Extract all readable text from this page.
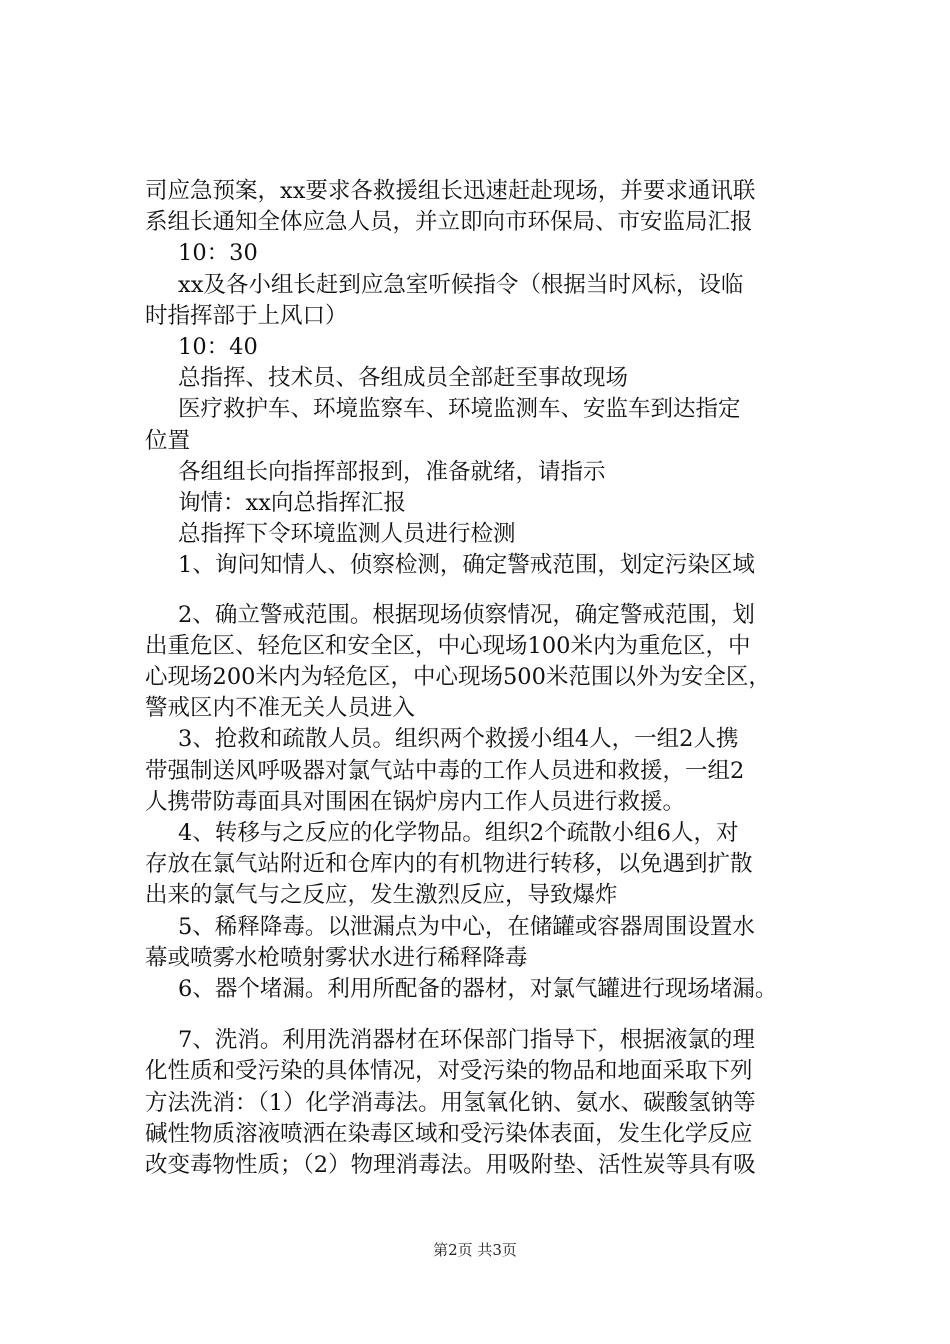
司应急预案，xx要求各救援组长迅速赶赴现场，并要求通讯联
系组长通知全体应急人员，并立即向市环保局、市安监局汇报

10：30

xx及各小组长赶到应急室听候指令（根据当时风标，设临
时指挥部于上风口）

10：40

总指挥、技术员、各组成员全部赶至事故现场

医疗救护车、环境监察车、环境监测车、安监车到达指定
位置

各组组长向指挥部报到，准备就绪，请指示

询情：xx向总指挥汇报

总指挥下令环境监测人员进行检测

1、询问知情人、侦察检测，确定警戒范围，划定污染区域

2、确立警戒范围。根据现场侦察情况，确定警戒范围，划
出重危区、轻危区和安全区，中心现场100米内为重危区，中
心现场200米内为轻危区，中心现场500米范围以外为安全区，
警戒区内不准无关人员进入

3、抢救和疏散人员。组织两个救援小组4人，一组2人携
带强制送风呼吸器对氯气站中毒的工作人员进和救援，一组2
人携带防毒面具对围困在锅炉房内工作人员进行救援。

4、转移与之反应的化学物品。组织2个疏散小组6人，对
存放在氯气站附近和仓库内的有机物进行转移，以免遇到扩散
出来的氯气与之反应，发生激烈反应，导致爆炸

5、稀释降毒。以泄漏点为中心，在储罐或容器周围设置水
幕或喷雾水枪喷射雾状水进行稀释降毒

6、器个堵漏。利用所配备的器材，对氯气罐进行现场堵漏。

7、洗消。利用洗消器材在环保部门指导下，根据液氯的理
化性质和受污染的具体情况，对受污染的物品和地面采取下列
方法洗消：（1）化学消毒法。用氢氧化钠、氨水、碳酸氢钠等
碱性物质溶液喷洒在染毒区域和受污染体表面，发生化学反应
改变毒物性质；（2）物理消毒法。用吸附垫、活性炭等具有吸

第2页 共3页
